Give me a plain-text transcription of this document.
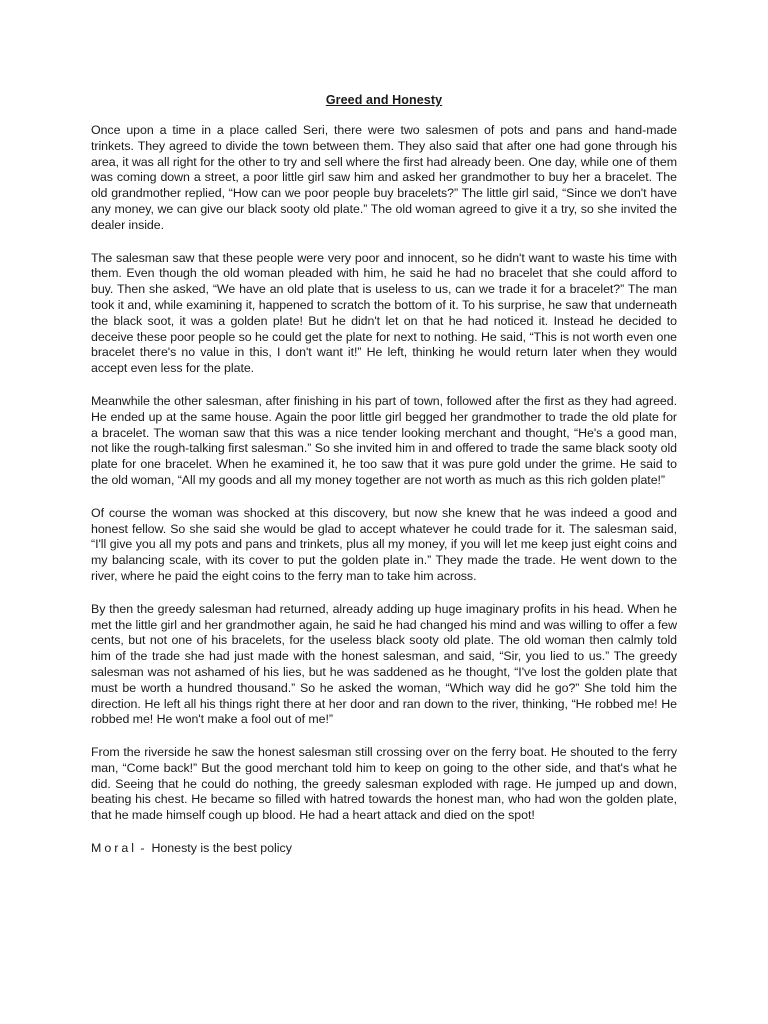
Greed and Honesty

Once upon a time in a place called Seri, there were two salesmen of pots and pans and hand-made trinkets. They agreed to divide the town between them. They also said that after one had gone through his area, it was all right for the other to try and sell where the first had already been. One day, while one of them was coming down a street, a poor little girl saw him and asked her grandmother to buy her a bracelet. The old grandmother replied, “How can we poor people buy bracelets?” The little girl said, “Since we don't have any money, we can give our black sooty old plate.” The old woman agreed to give it a try, so she invited the dealer inside.

The salesman saw that these people were very poor and innocent, so he didn't want to waste his time with them. Even though the old woman pleaded with him, he said he had no bracelet that she could afford to buy. Then she asked, “We have an old plate that is useless to us, can we trade it for a bracelet?” The man took it and, while examining it, happened to scratch the bottom of it. To his surprise, he saw that underneath the black soot, it was a golden plate! But he didn't let on that he had noticed it. Instead he decided to deceive these poor people so he could get the plate for next to nothing. He said, “This is not worth even one bracelet there's no value in this, I don't want it!” He left, thinking he would return later when they would accept even less for the plate.

Meanwhile the other salesman, after finishing in his part of town, followed after the first as they had agreed. He ended up at the same house. Again the poor little girl begged her grandmother to trade the old plate for a bracelet. The woman saw that this was a nice tender looking merchant and thought, “He's a good man, not like the rough-talking first salesman.” So she invited him in and offered to trade the same black sooty old plate for one bracelet. When he examined it, he too saw that it was pure gold under the grime. He said to the old woman, “All my goods and all my money together are not worth as much as this rich golden plate!”

Of course the woman was shocked at this discovery, but now she knew that he was indeed a good and honest fellow. So she said she would be glad to accept whatever he could trade for it. The salesman said, “I'll give you all my pots and pans and trinkets, plus all my money, if you will let me keep just eight coins and my balancing scale, with its cover to put the golden plate in.” They made the trade. He went down to the river, where he paid the eight coins to the ferry man to take him across.

By then the greedy salesman had returned, already adding up huge imaginary profits in his head. When he met the little girl and her grandmother again, he said he had changed his mind and was willing to offer a few cents, but not one of his bracelets, for the useless black sooty old plate. The old woman then calmly told him of the trade she had just made with the honest salesman, and said, “Sir, you lied to us.” The greedy salesman was not ashamed of his lies, but he was saddened as he thought, “I've lost the golden plate that must be worth a hundred thousand.” So he asked the woman, “Which way did he go?” She told him the direction. He left all his things right there at her door and ran down to the river, thinking, “He robbed me! He robbed me! He won't make a fool out of me!”

From the riverside he saw the honest salesman still crossing over on the ferry boat. He shouted to the ferry man, “Come back!” But the good merchant told him to keep on going to the other side, and that's what he did. Seeing that he could do nothing, the greedy salesman exploded with rage. He jumped up and down, beating his chest. He became so filled with hatred towards the honest man, who had won the golden plate, that he made himself cough up blood. He had a heart attack and died on the spot!

Moral -  Honesty is the best policy
